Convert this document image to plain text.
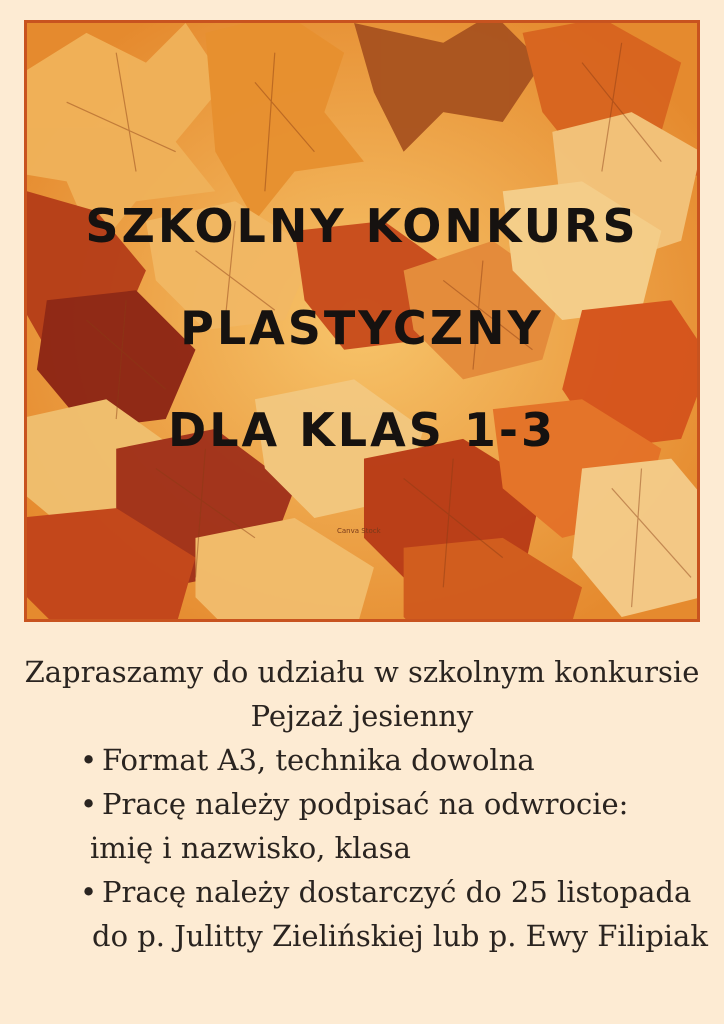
SZKOLNY KONKURS
PLASTYCZNY
DLA KLAS 1-3
Canva Stock
Zapraszamy do udziału w szkolnym konkursie
Pejzaż jesienny
• Format A3, technika dowolna
• Pracę należy podpisać na odwrocie:
imię i nazwisko, klasa
• Pracę należy dostarczyć do 25 listopada
do p. Julitty Zielińskiej lub p. Ewy Filipiak
